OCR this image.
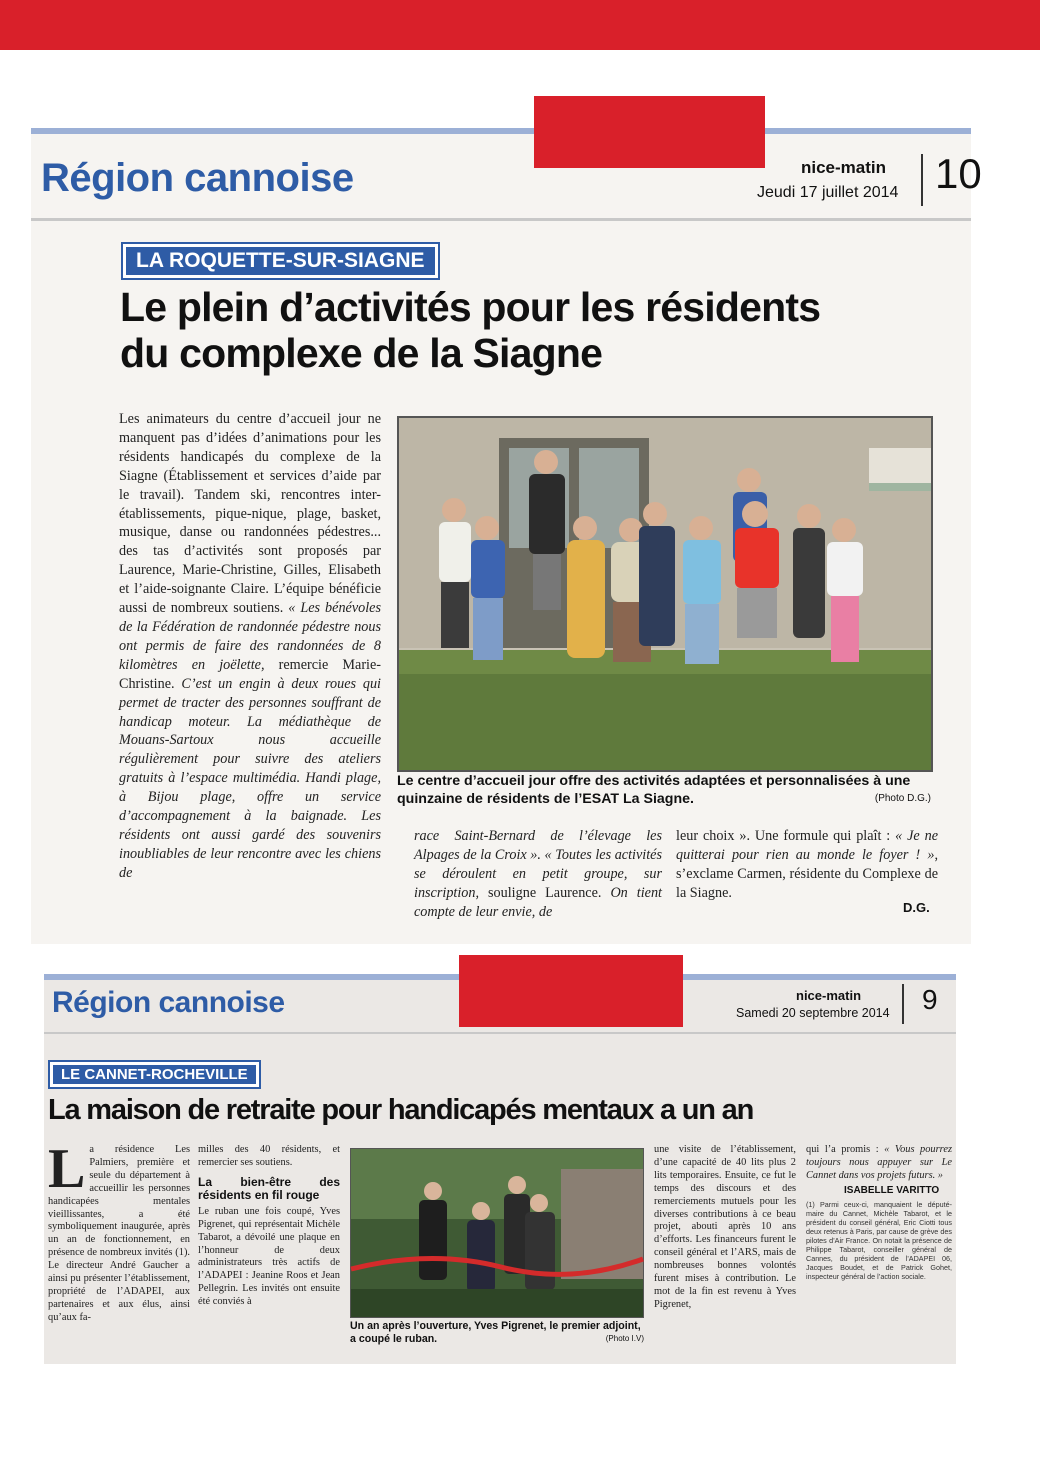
Région cannoise	nice-matin
Jeudi 17 juillet 2014 10
LA ROQUETTE-SUR-SIAGNE
Le plein d’activités pour les résidents
du complexe de la Siagne

Les animateurs du centre d’accueil jour ne manquent pas d’idées d’animations pour les résidents handicapés du complexe de la Siagne (Établissement et services d’aide par le travail). Tandem ski, rencontres inter-établissements, pique-nique, plage, basket, musique, danse ou randonnées pédestres... des tas d’activités sont proposés par Laurence, Marie-Christine, Gilles, Elisabeth et l’aide-soignante Claire. L’équipe bénéficie aussi de nombreux soutiens. « Les bénévoles de la Fédération de randonnée pédestre nous ont permis de faire des randonnées de 8 kilomètres en joëlette, remercie Marie-Christine. C’est un engin à deux roues qui permet de tracter des personnes souffrant de handicap moteur. La médiathèque de Mouans-Sartoux nous accueille régulièrement pour suivre des ateliers gratuits à l’espace multimédia. Handi plage, à Bijou plage, offre un service d’accompagnement à la baignade. Les résidents ont aussi gardé des souvenirs inoubliables de leur rencontre avec les chiens de

Le centre d’accueil jour offre des activités adaptées et personnalisées à une quinzaine de résidents de l’ESAT La Siagne.	(Photo D.G.)

race Saint-Bernard de l’élevage les Alpages de la Croix ». « Toutes les activités se déroulent en petit groupe, sur inscription, souligne Laurence. On tient compte de leur envie, de

leur choix ». Une formule qui plaît : « Je ne quitterai pour rien au monde le foyer ! », s’exclame Carmen, résidente du Complexe de la Siagne.

D.G.
Région cannoise	nice-matin
Samedi 20 septembre 2014 9
LE CANNET-ROCHEVILLE
La maison de retraite pour handicapés mentaux a un an

La résidence Les Palmiers, première et seule du département à accueillir les personnes handicapées mentales vieillissantes, a été symboliquement inaugurée, après un an de fonctionnement, en présence de nombreux invités (1). Le directeur André Gaucher a ainsi pu présenter l’établissement, propriété de l’ADAPEI, aux partenaires et aux élus, ainsi qu’aux fa-

milles des 40 résidents, et remercier ses soutiens.

La bien-être des résidents en fil rouge

Le ruban une fois coupé, Yves Pigrenet, qui représentait Michèle Tabarot, a dévoilé une plaque en l’honneur de deux administrateurs très actifs de l’ADAPEI : Jeanine Roos et Jean Pellegrin. Les invités ont ensuite été conviés à

Un an après l’ouverture, Yves Pigrenet, le premier adjoint, a coupé le ruban.	(Photo I.V)

une visite de l’établissement, d’une capacité de 40 lits plus 2 lits temporaires. Ensuite, ce fut le temps des discours et des remerciements mutuels pour les diverses contributions à ce beau projet, abouti après 10 ans d’efforts. Les financeurs furent le conseil général et l’ARS, mais de nombreuses bonnes volontés furent mises à contribution. Le mot de la fin est revenu à Yves Pigrenet,

qui l’a promis : « Vous pourrez toujours nous appuyer sur Le Cannet dans vos projets futurs. »

ISABELLE VARITTO

(1) Parmi ceux-ci, manquaient le député-maire du Cannet, Michèle Tabarot, et le président du conseil général, Eric Ciotti tous deux retenus à Paris, par cause de grève des pilotes d’Air France. On notait la présence de Philippe Tabarot, conseiller général de Cannes, du président de l’ADAPEI 06, Jacques Boudet, et de Patrick Gohet, inspecteur général de l’action sociale.
